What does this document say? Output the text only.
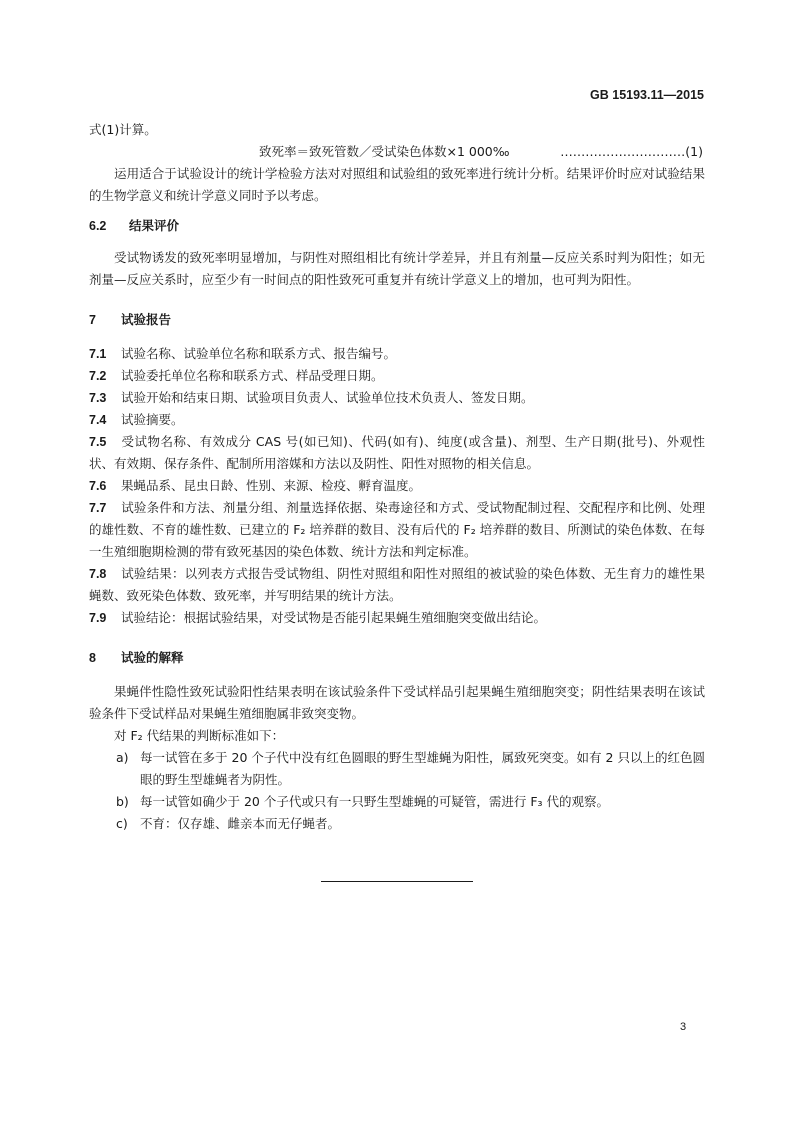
GB 15193.11—2015

式(1)计算。

致死率＝致死管数／受试染色体数×1 000‰	…………………………(1)

运用适合于试验设计的统计学检验方法对对照组和试验组的致死率进行统计分析。结果评价时应对试验结果的生物学意义和统计学意义同时予以考虑。

6.2 结果评价

受试物诱发的致死率明显增加，与阴性对照组相比有统计学差异，并且有剂量—反应关系时判为阳性；如无剂量—反应关系时，应至少有一时间点的阳性致死可重复并有统计学意义上的增加，也可判为阳性。

7 试验报告

7.1 试验名称、试验单位名称和联系方式、报告编号。

7.2 试验委托单位名称和联系方式、样品受理日期。

7.3 试验开始和结束日期、试验项目负责人、试验单位技术负责人、签发日期。

7.4 试验摘要。

7.5 受试物名称、有效成分 CAS 号(如已知)、代码(如有)、纯度(或含量)、剂型、生产日期(批号)、外观性状、有效期、保存条件、配制所用溶媒和方法以及阴性、阳性对照物的相关信息。

7.6 果蝇品系、昆虫日龄、性别、来源、检疫、孵育温度。

7.7 试验条件和方法、剂量分组、剂量选择依据、染毒途径和方式、受试物配制过程、交配程序和比例、处理的雄性数、不育的雄性数、已建立的 F₂ 培养群的数目、没有后代的 F₂ 培养群的数目、所测试的染色体数、在每一生殖细胞期检测的带有致死基因的染色体数、统计方法和判定标准。

7.8 试验结果：以列表方式报告受试物组、阴性对照组和阳性对照组的被试验的染色体数、无生育力的雄性果蝇数、致死染色体数、致死率，并写明结果的统计方法。

7.9 试验结论：根据试验结果，对受试物是否能引起果蝇生殖细胞突变做出结论。

8 试验的解释

果蝇伴性隐性致死试验阳性结果表明在该试验条件下受试样品引起果蝇生殖细胞突变；阴性结果表明在该试验条件下受试样品对果蝇生殖细胞属非致突变物。

对 F₂ 代结果的判断标准如下：

a) 每一试管在多于 20 个子代中没有红色圆眼的野生型雄蝇为阳性，属致死突变。如有 2 只以上的红色圆眼的野生型雄蝇者为阴性。
b) 每一试管如确少于 20 个子代或只有一只野生型雄蝇的可疑管，需进行 F₃ 代的观察。
c) 不育：仅存雄、雌亲本而无仔蝇者。
3
